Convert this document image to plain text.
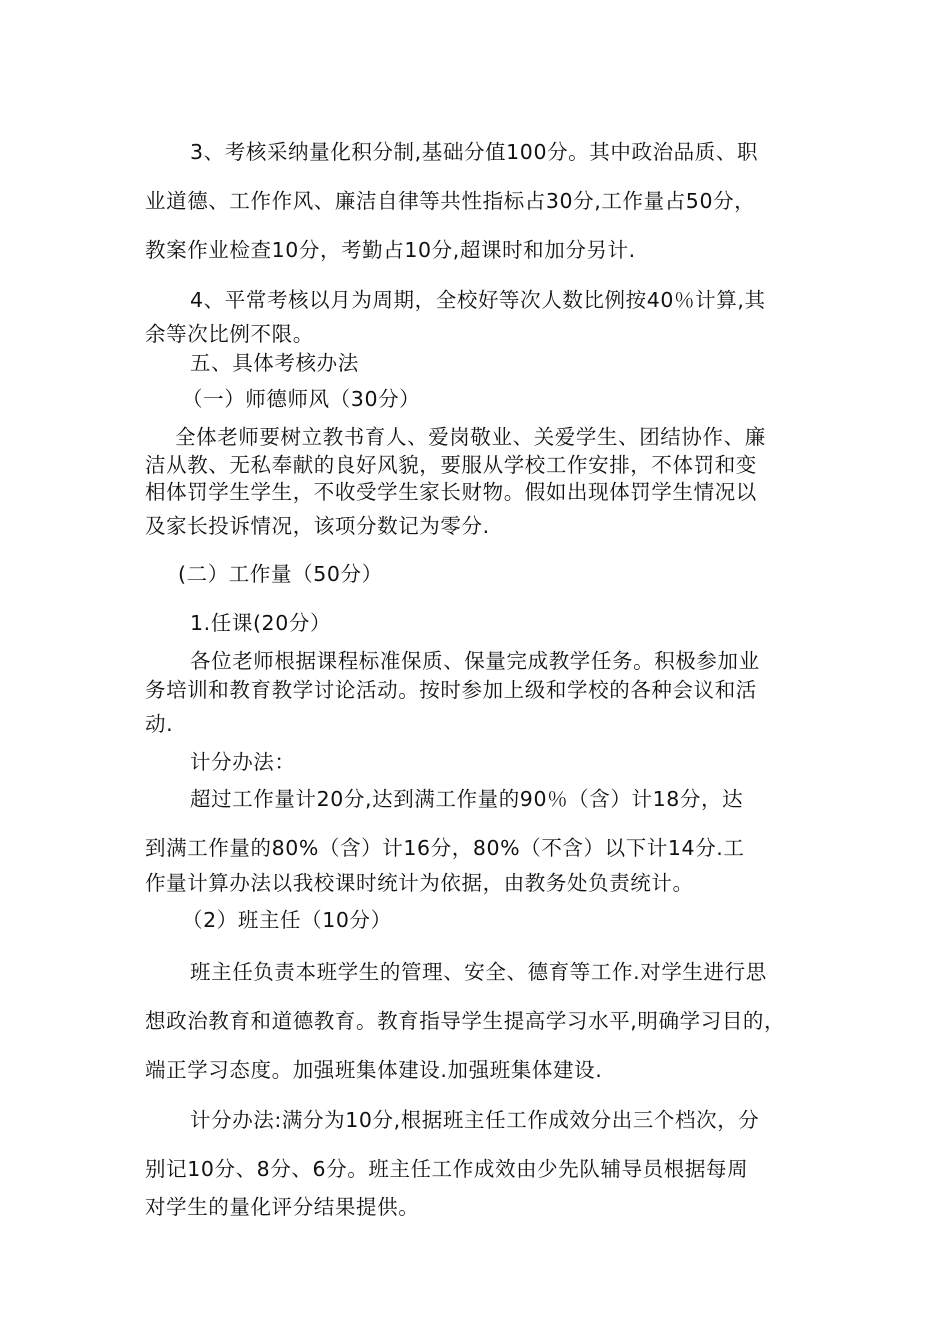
3、考核采纳量化积分制,基础分值100分。其中政治品质、职
业道德、工作作风、廉洁自律等共性指标占30分,工作量占50分，
教案作业检查10分，考勤占10分,超课时和加分另计.
4、平常考核以月为周期，全校好等次人数比例按40％计算,其
余等次比例不限。
五、具体考核办法
（一）师德师风（30分）
全体老师要树立教书育人、爱岗敬业、关爱学生、团结协作、廉
洁从教、无私奉献的良好风貌，要服从学校工作安排，不体罚和变
相体罚学生学生，不收受学生家长财物。假如出现体罚学生情况以
及家长投诉情况，该项分数记为零分.
(二）工作量（50分）
1.任课(20分）
各位老师根据课程标准保质、保量完成教学任务。积极参加业
务培训和教育教学讨论活动。按时参加上级和学校的各种会议和活
动.
计分办法：
超过工作量计20分,达到满工作量的90％（含）计18分，达
到满工作量的80%（含）计16分，80%（不含）以下计14分.工
作量计算办法以我校课时统计为依据，由教务处负责统计。
（2）班主任（10分）
班主任负责本班学生的管理、安全、德育等工作.对学生进行思
想政治教育和道德教育。教育指导学生提高学习水平,明确学习目的，
端正学习态度。加强班集体建设.加强班集体建设.
计分办法:满分为10分,根据班主任工作成效分出三个档次，分
别记10分、8分、6分。班主任工作成效由少先队辅导员根据每周
对学生的量化评分结果提供。
